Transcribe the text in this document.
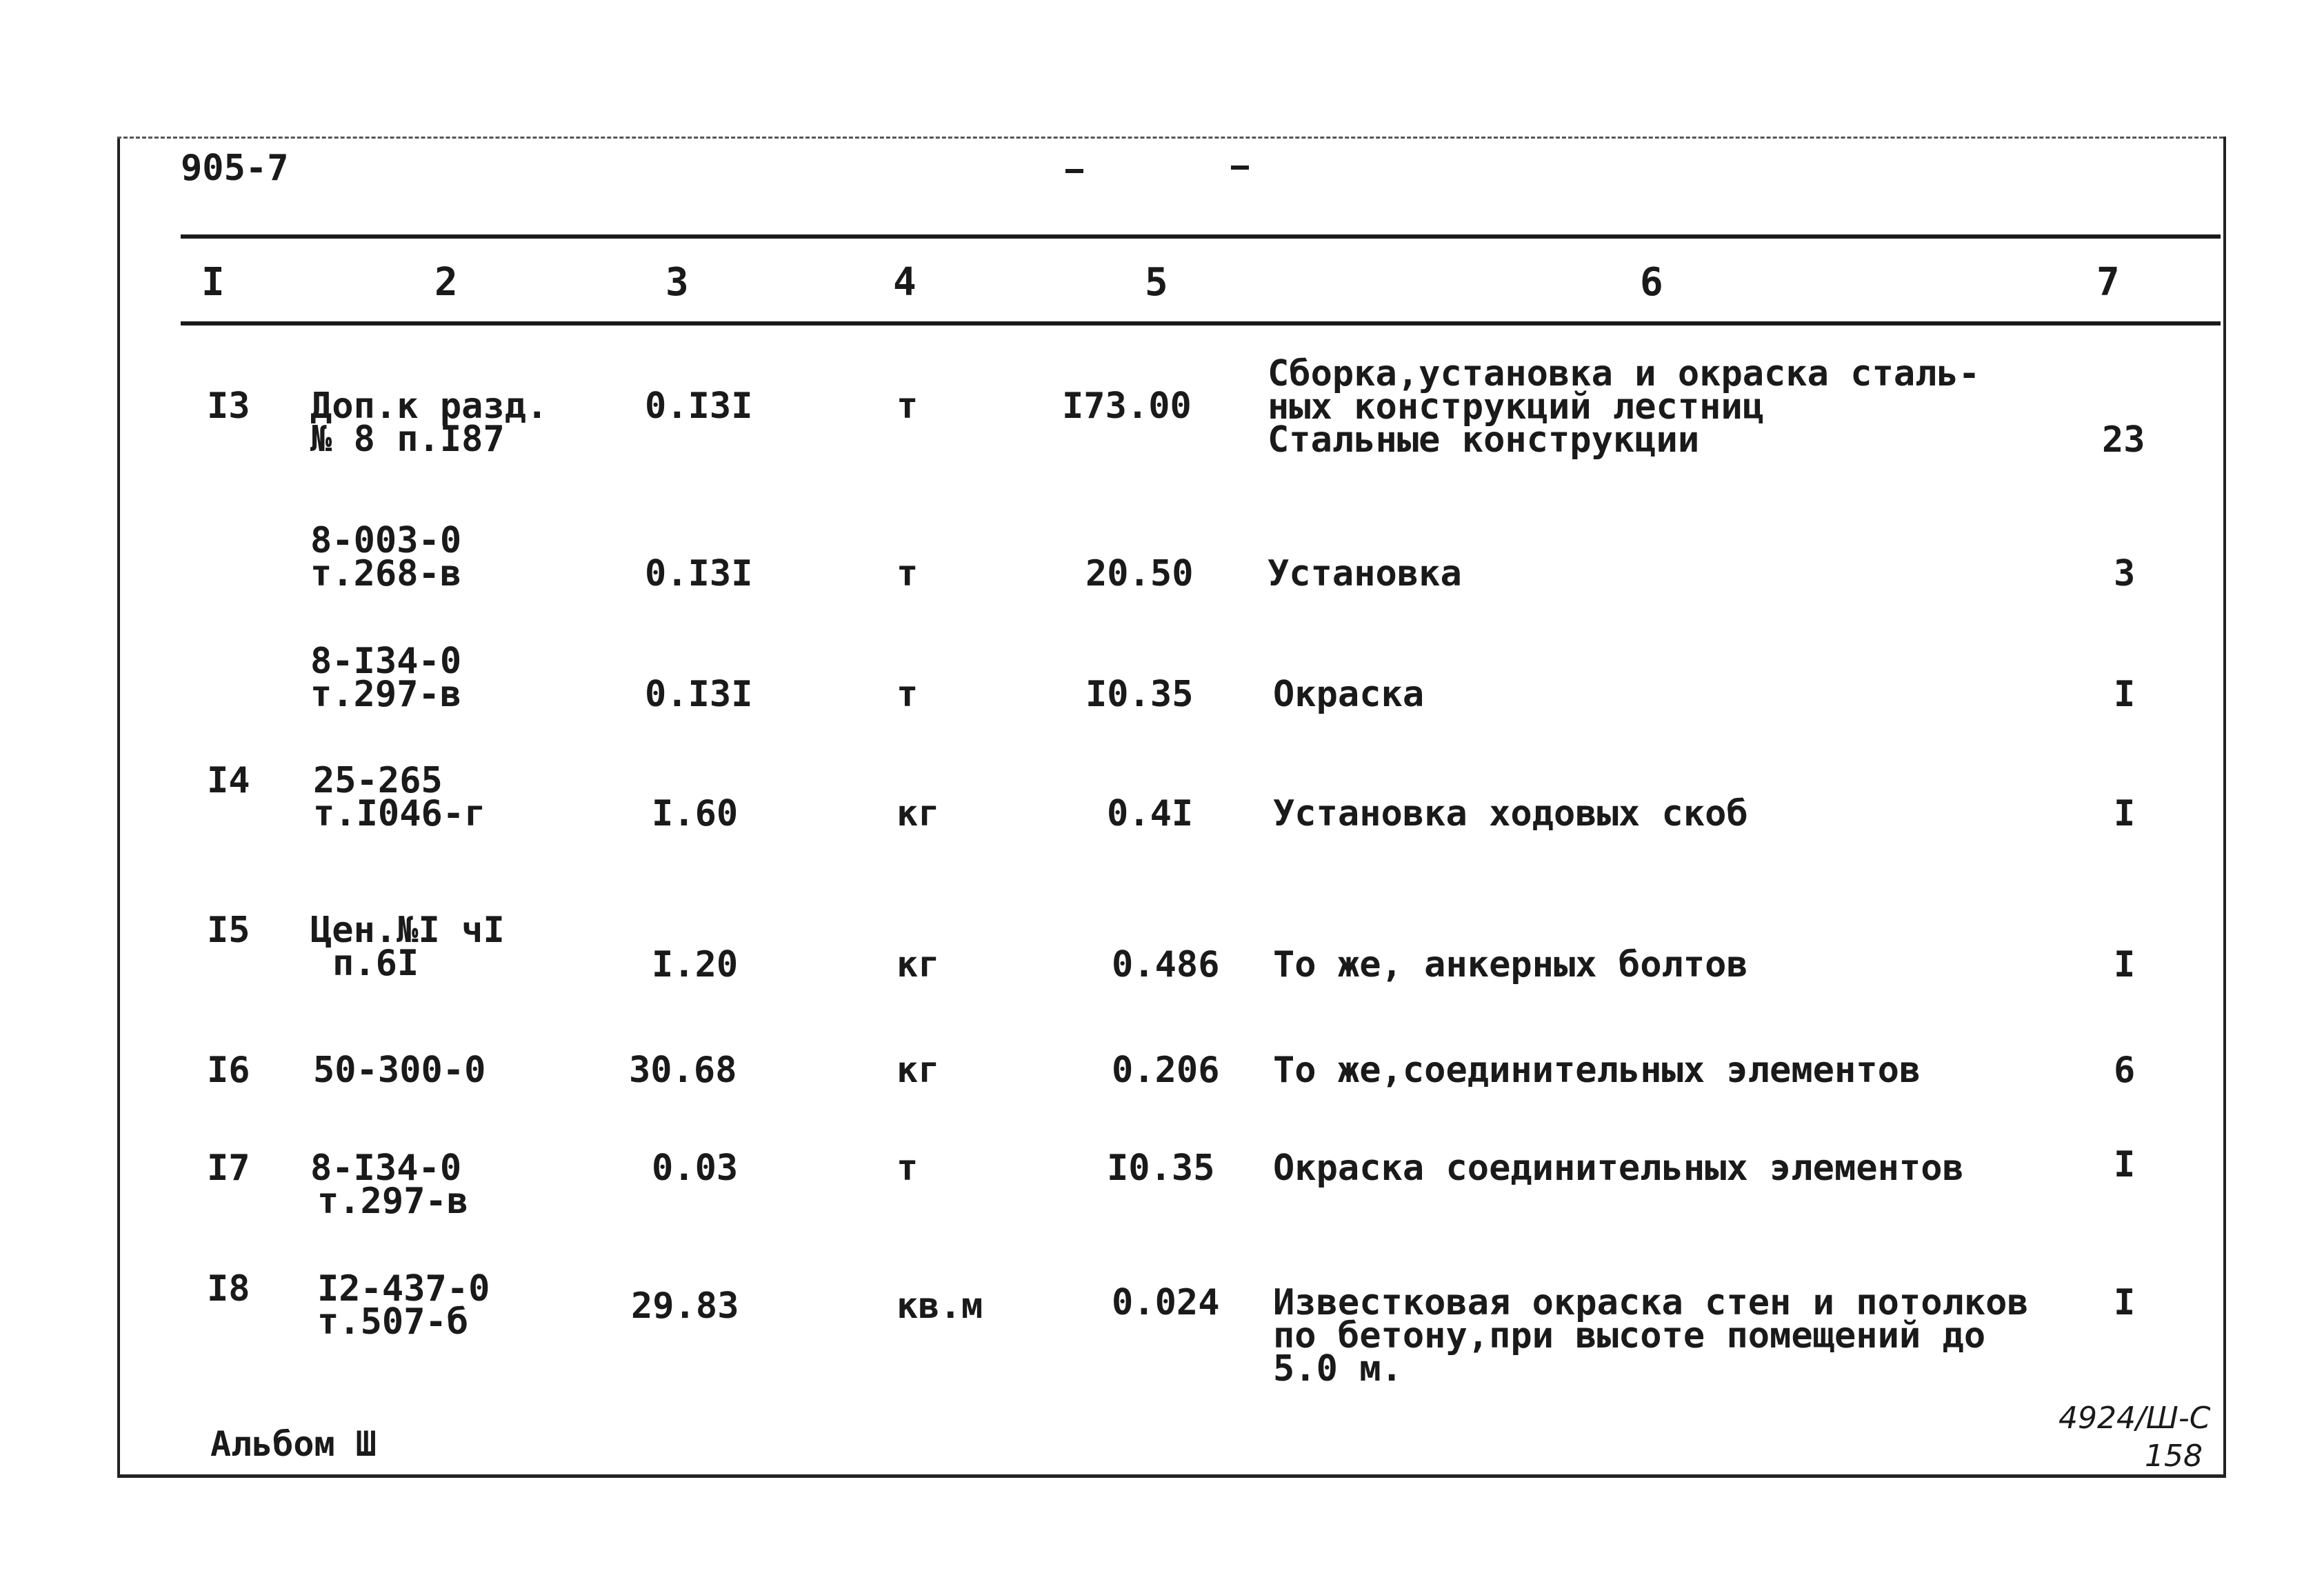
905-7
I	2	3	4	5	6	7
I3 Доп.к разд.
№ 8 п.I87
0.I3I	т	I73.00
Сборка,установка и окраска сталь-
ных конструкций лестниц
Стальные конструкции	23
8-003-0
т.268-в	0.I3I	т	20.50 Установка	3
8-I34-0
т.297-в	0.I3I	т	I0.35 Окраска	I
I4 25-265
т.I046-г	I.60	кг	0.4I Установка ходовых скоб	I
I5 Цен.№I чI
п.6I	I.20	кг	0.486 То же, анкерных болтов	I
I6 50-300-0	30.68	кг	0.206 То же,соединительных элементов	6
I7 8-I34-0
т.297-в
0.03	т	I0.35 Окраска соединительных элементов	I
I8 I2-437-0
т.507-б	29.83	кв.м	0.024 Известковая окраска стен и потолков
по бетону,при высоте помещений до
5.0 м.
I
Альбом Ш
4924/Ш-С
158
